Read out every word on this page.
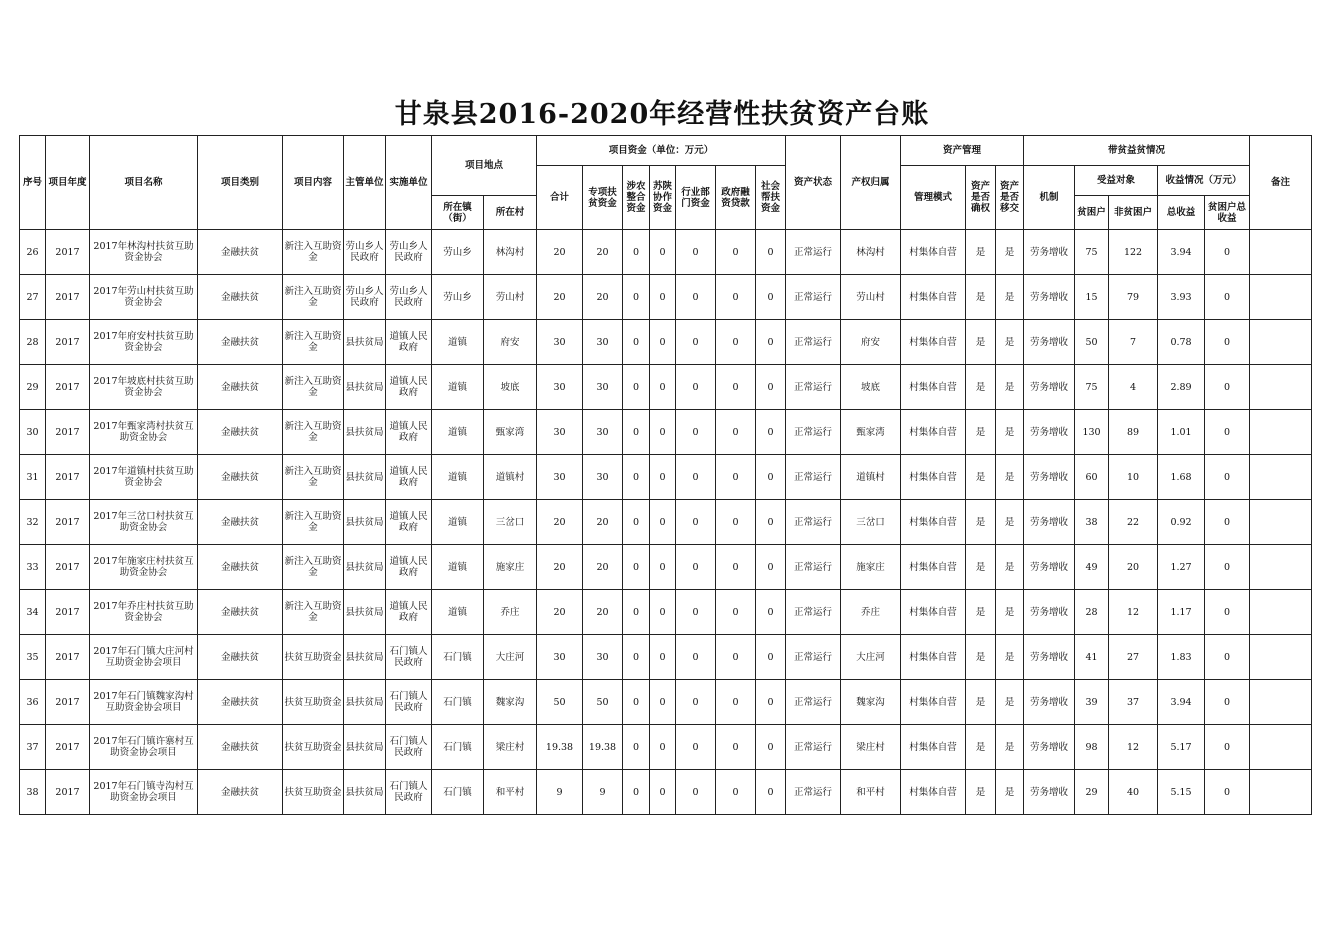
甘泉县2016-2020年经营性扶贫资产台账
序号	项目年度	项目名称	项目类别	项目内容	主管单位	实施单位	项目地点		项目资金（单位：万元）							资产状态	产权归属	资产管理			带贫益贫情况					备注
									合计	专项扶贫资金	涉农整合资金	苏陕协作资金	行业部门资金	政府融资贷款	社会帮扶资金			管理模式	资产是否确权	资产是否移交	机制	受益对象		收益情况（万元）		
							所在镇（街）	所在村														贫困户	非贫困户	总收益	贫困户总收益	
26	2017	2017年林沟村扶贫互助资金协会	金融扶贫	新注入互助资金	劳山乡人民政府	劳山乡人民政府	劳山乡	林沟村	20	20	0	0	0	0	0	正常运行	林沟村	村集体自营	是	是	劳务增收	75	122	3.94	0	
27	2017	2017年劳山村扶贫互助资金协会	金融扶贫	新注入互助资金	劳山乡人民政府	劳山乡人民政府	劳山乡	劳山村	20	20	0	0	0	0	0	正常运行	劳山村	村集体自营	是	是	劳务增收	15	79	3.93	0	
28	2017	2017年府安村扶贫互助资金协会	金融扶贫	新注入互助资金	县扶贫局	道镇人民政府	道镇	府安	30	30	0	0	0	0	0	正常运行	府安	村集体自营	是	是	劳务增收	50	7	0.78	0	
29	2017	2017年坡底村扶贫互助资金协会	金融扶贫	新注入互助资金	县扶贫局	道镇人民政府	道镇	坡底	30	30	0	0	0	0	0	正常运行	坡底	村集体自营	是	是	劳务增收	75	4	2.89	0	
30	2017	2017年甄家湾村扶贫互助资金协会	金融扶贫	新注入互助资金	县扶贫局	道镇人民政府	道镇	甄家湾	30	30	0	0	0	0	0	正常运行	甄家湾	村集体自营	是	是	劳务增收	130	89	1.01	0	
31	2017	2017年道镇村扶贫互助资金协会	金融扶贫	新注入互助资金	县扶贫局	道镇人民政府	道镇	道镇村	30	30	0	0	0	0	0	正常运行	道镇村	村集体自营	是	是	劳务增收	60	10	1.68	0	
32	2017	2017年三岔口村扶贫互助资金协会	金融扶贫	新注入互助资金	县扶贫局	道镇人民政府	道镇	三岔口	20	20	0	0	0	0	0	正常运行	三岔口	村集体自营	是	是	劳务增收	38	22	0.92	0	
33	2017	2017年施家庄村扶贫互助资金协会	金融扶贫	新注入互助资金	县扶贫局	道镇人民政府	道镇	施家庄	20	20	0	0	0	0	0	正常运行	施家庄	村集体自营	是	是	劳务增收	49	20	1.27	0	
34	2017	2017年乔庄村扶贫互助资金协会	金融扶贫	新注入互助资金	县扶贫局	道镇人民政府	道镇	乔庄	20	20	0	0	0	0	0	正常运行	乔庄	村集体自营	是	是	劳务增收	28	12	1.17	0	
35	2017	2017年石门镇大庄河村互助资金协会项目	金融扶贫	扶贫互助资金	县扶贫局	石门镇人民政府	石门镇	大庄河	30	30	0	0	0	0	0	正常运行	大庄河	村集体自营	是	是	劳务增收	41	27	1.83	0	
36	2017	2017年石门镇魏家沟村互助资金协会项目	金融扶贫	扶贫互助资金	县扶贫局	石门镇人民政府	石门镇	魏家沟	50	50	0	0	0	0	0	正常运行	魏家沟	村集体自营	是	是	劳务增收	39	37	3.94	0	
37	2017	2017年石门镇许寨村互助资金协会项目	金融扶贫	扶贫互助资金	县扶贫局	石门镇人民政府	石门镇	梁庄村	19.38	19.38	0	0	0	0	0	正常运行	梁庄村	村集体自营	是	是	劳务增收	98	12	5.17	0	
38	2017	2017年石门镇寺沟村互助资金协会项目	金融扶贫	扶贫互助资金	县扶贫局	石门镇人民政府	石门镇	和平村	9	9	0	0	0	0	0	正常运行	和平村	村集体自营	是	是	劳务增收	29	40	5.15	0	
